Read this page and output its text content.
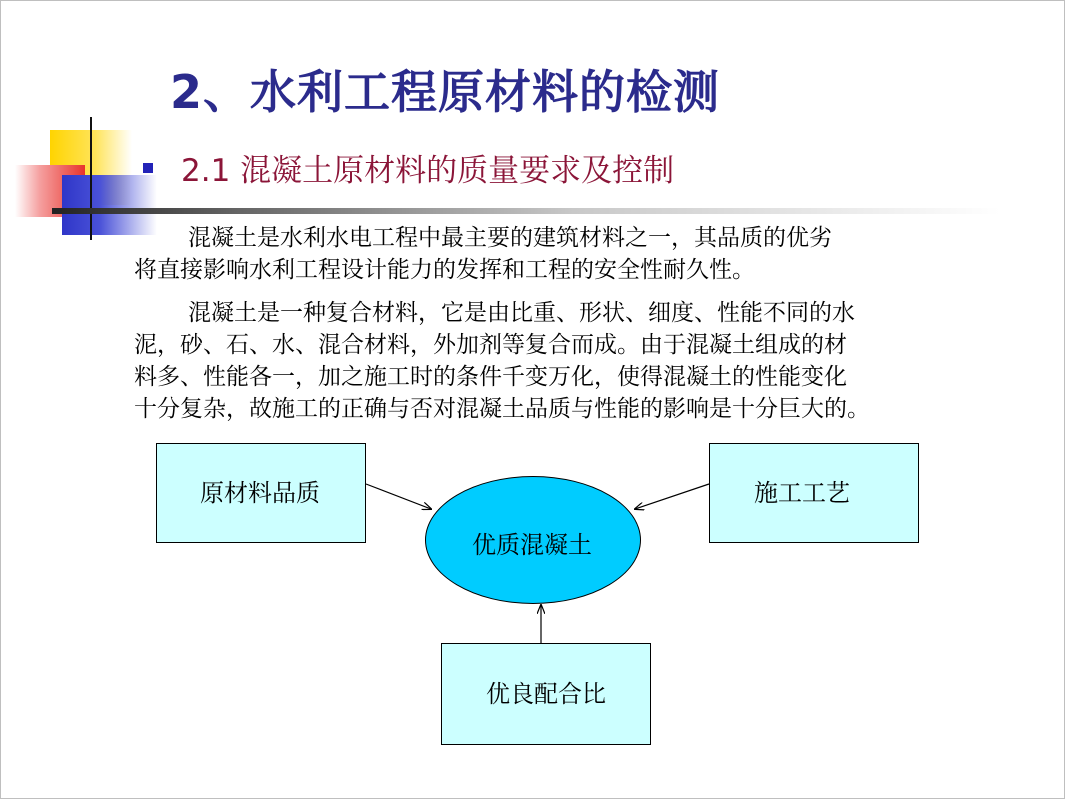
2、水利工程原材料的检测
2.1 混凝土原材料的质量要求及控制
混凝土是水利水电工程中最主要的建筑材料之一，其品质的优劣
将直接影响水利工程设计能力的发挥和工程的安全性耐久性。
混凝土是一种复合材料，它是由比重、形状、细度、性能不同的水
泥，砂、石、水、混合材料，外加剂等复合而成。由于混凝土组成的材
料多、性能各一，加之施工时的条件千变万化，使得混凝土的性能变化
十分复杂，故施工的正确与否对混凝土品质与性能的影响是十分巨大的。
原材料品质	施工工艺
优质混凝土
优良配合比
